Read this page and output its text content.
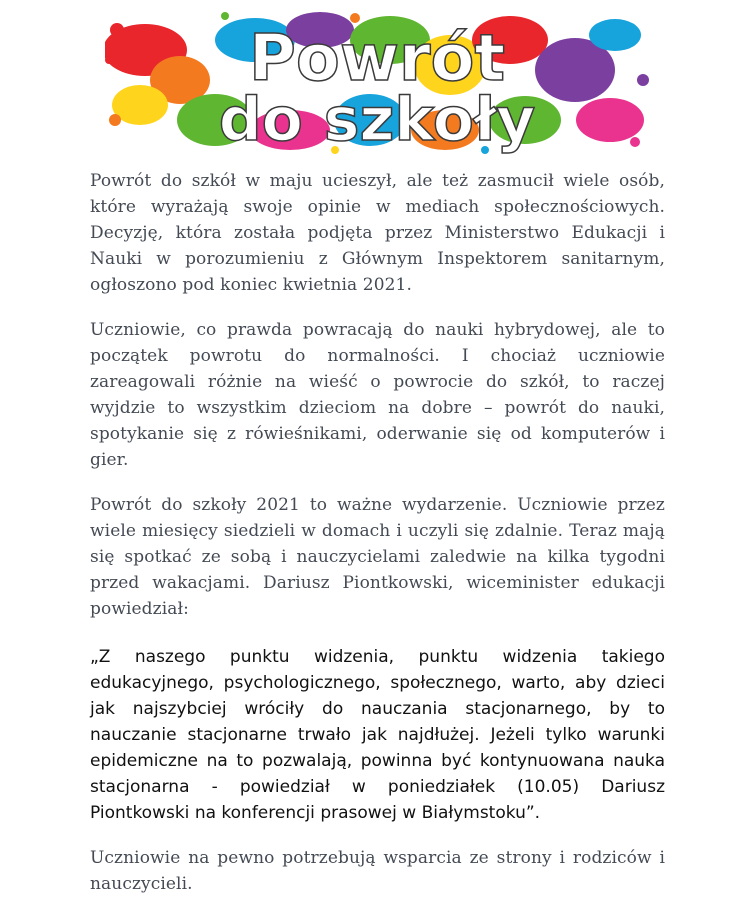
Powrót
do szkoły

Powrót do szkół w maju ucieszył, ale też zasmucił wiele osób, które wyrażają swoje opinie w mediach społecznościowych. Decyzję, która została podjęta przez Ministerstwo Edukacji i Nauki w porozumieniu z Głównym Inspektorem sanitarnym, ogłoszono pod koniec kwietnia 2021.

Uczniowie, co prawda powracają do nauki hybrydowej, ale to początek powrotu do normalności. I chociaż uczniowie zareagowali różnie na wieść o powrocie do szkół, to raczej wyjdzie to wszystkim dzieciom na dobre – powrót do nauki, spotykanie się z rówieśnikami, oderwanie się od komputerów i gier.

Powrót do szkoły 2021 to ważne wydarzenie. Uczniowie przez wiele miesięcy siedzieli w domach i uczyli się zdalnie. Teraz mają się spotkać ze sobą i nauczycielami zaledwie na kilka tygodni przed wakacjami. Dariusz Piontkowski, wiceminister edukacji powiedział:

„Z naszego punktu widzenia, punktu widzenia takiego edukacyjnego, psychologicznego, społecznego, warto, aby dzieci jak najszybciej wróciły do nauczania stacjonarnego, by to nauczanie stacjonarne trwało jak najdłużej. Jeżeli tylko warunki epidemiczne na to pozwalają, powinna być kontynuowana nauka stacjonarna - powiedział w poniedziałek (10.05) Dariusz Piontkowski na konferencji prasowej w Białymstoku”.

Uczniowie na pewno potrzebują wsparcia ze strony i rodziców i nauczycieli.
